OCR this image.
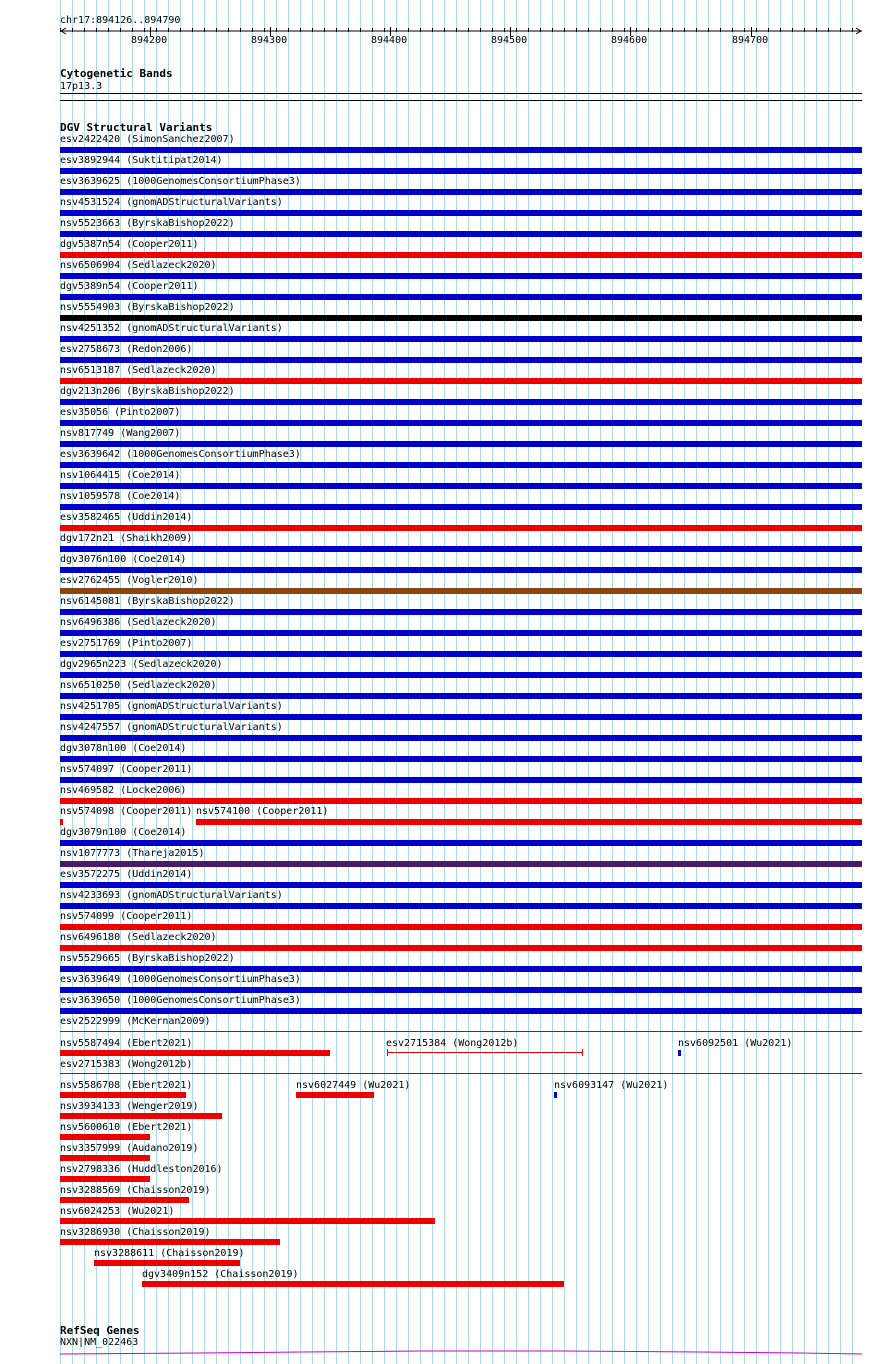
chr17:894126..894790
894200	894300	894400	894500	894600	894700
Cytogenetic Bands
17p13.3
DGV Structural Variants
esv2422420 (SimonSanchez2007)
esv3892944 (Suktitipat2014)
esv3639625 (1000GenomesConsortiumPhase3)
nsv4531524 (gnomADStructuralVariants)
nsv5523663 (ByrskaBishop2022)
dgv5387n54 (Cooper2011)
nsv6506904 (Sedlazeck2020)
dgv5389n54 (Cooper2011)
nsv5554903 (ByrskaBishop2022)
nsv4251352 (gnomADStructuralVariants)
esv2758673 (Redon2006)
nsv6513187 (Sedlazeck2020)
dgv213n206 (ByrskaBishop2022)
esv35056 (Pinto2007)
nsv817749 (Wang2007)
esv3639642 (1000GenomesConsortiumPhase3)
nsv1064415 (Coe2014)
nsv1059578 (Coe2014)
esv3582465 (Uddin2014)
dgv172n21 (Shaikh2009)
dgv3076n100 (Coe2014)
esv2762455 (Vogler2010)
nsv6145081 (ByrskaBishop2022)
nsv6496386 (Sedlazeck2020)
esv2751769 (Pinto2007)
dgv2965n223 (Sedlazeck2020)
nsv6510250 (Sedlazeck2020)
nsv4251705 (gnomADStructuralVariants)
nsv4247557 (gnomADStructuralVariants)
dgv3078n100 (Coe2014)
nsv574097 (Cooper2011)
nsv469582 (Locke2006)
nsv574098 (Cooper2011) nsv574100 (Cooper2011)
dgv3079n100 (Coe2014)
nsv1077773 (Thareja2015)
esv3572275 (Uddin2014)
nsv4233693 (gnomADStructuralVariants)
nsv574099 (Cooper2011)
nsv6496180 (Sedlazeck2020)
nsv5529665 (ByrskaBishop2022)
esv3639649 (1000GenomesConsortiumPhase3)
esv3639650 (1000GenomesConsortiumPhase3)
esv2522999 (McKernan2009)
nsv5587494 (Ebert2021)	esv2715384 (Wong2012b)	nsv6092501 (Wu2021)
esv2715383 (Wong2012b)
nsv5586708 (Ebert2021)	nsv6027449 (Wu2021)	nsv6093147 (Wu2021)
nsv3934133 (Wenger2019)
nsv5600610 (Ebert2021)
nsv3357999 (Audano2019)
nsv2798336 (Huddleston2016)
nsv3288569 (Chaisson2019)
nsv6024253 (Wu2021)
nsv3286930 (Chaisson2019)
nsv3288611 (Chaisson2019)
dgv3409n152 (Chaisson2019)
RefSeq Genes
NXN|NM_022463
